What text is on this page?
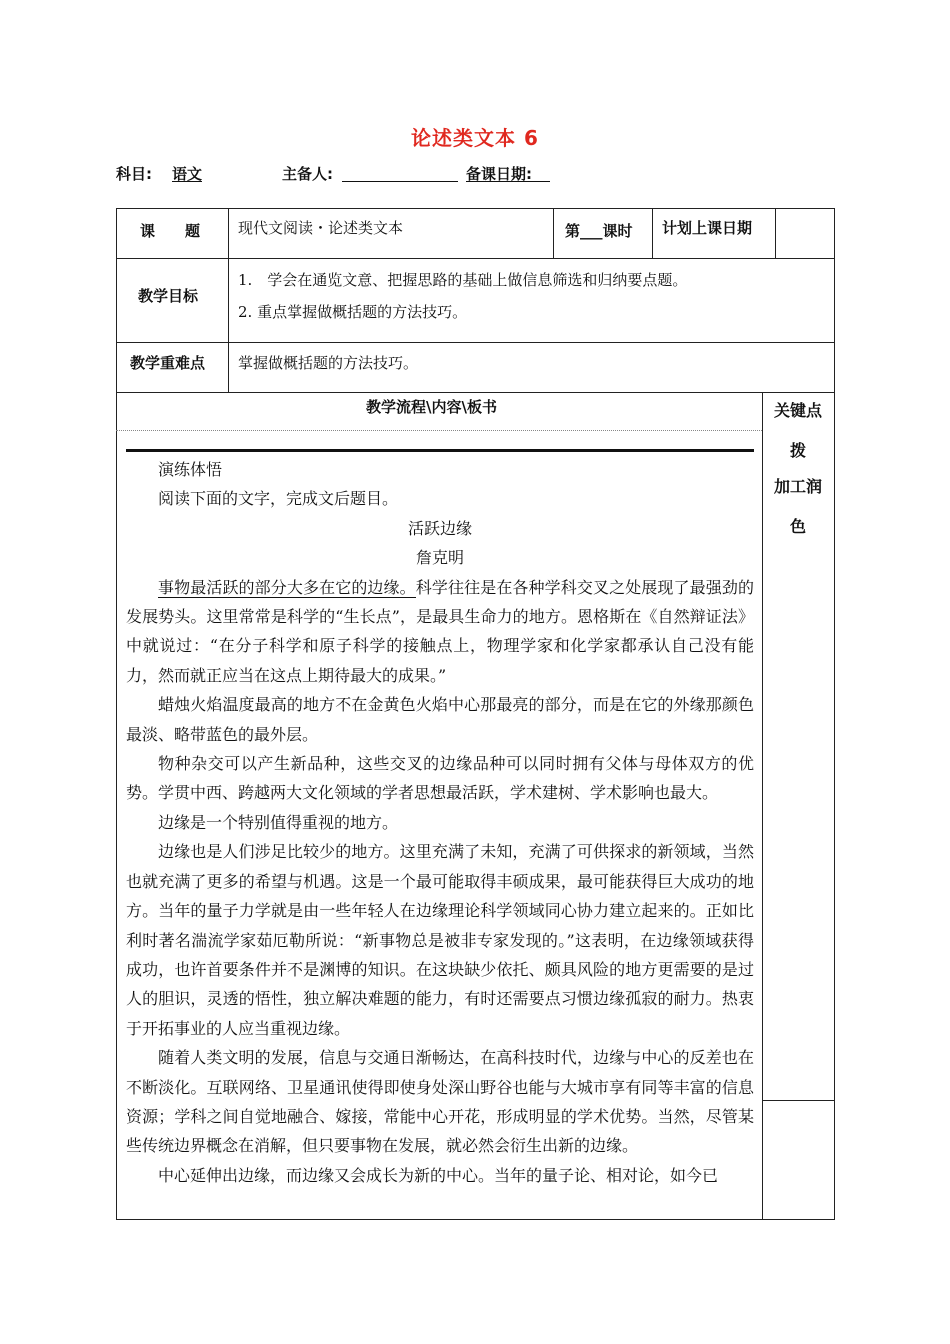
论述类文本 6
科目: 语文	主备人:	备课日期:
课　　题	现代文阅读・论述类文本	第___课时 计划上课日期
教学目标
1.　学会在通览文意、把握思路的基础上做信息筛选和归纳要点题。
2. 重点掌握做概括题的方法技巧。
教学重难点 掌握做概括题的方法技巧。
教学流程\内容\板书	关键点
拨
加工润
色

演练体悟

阅读下面的文字，完成文后题目。

活跃边缘

詹克明

事物最活跃的部分大多在它的边缘。科学往往是在各种学科交叉之处展现了最强劲的发展势头。这里常常是科学的“生长点”，是最具生命力的地方。恩格斯在《自然辩证法》中就说过：“在分子科学和原子科学的接触点上，物理学家和化学家都承认自己没有能力，然而就正应当在这点上期待最大的成果。”

蜡烛火焰温度最高的地方不在金黄色火焰中心那最亮的部分，而是在它的外缘那颜色最淡、略带蓝色的最外层。

物种杂交可以产生新品种，这些交叉的边缘品种可以同时拥有父体与母体双方的优势。学贯中西、跨越两大文化领域的学者思想最活跃，学术建树、学术影响也最大。

边缘是一个特别值得重视的地方。

边缘也是人们涉足比较少的地方。这里充满了未知，充满了可供探求的新领域，当然也就充满了更多的希望与机遇。这是一个最可能取得丰硕成果，最可能获得巨大成功的地方。当年的量子力学就是由一些年轻人在边缘理论科学领域同心协力建立起来的。正如比利时著名湍流学家茹厄勒所说：“新事物总是被非专家发现的。”这表明，在边缘领域获得成功，也许首要条件并不是渊博的知识。在这块缺少依托、颇具风险的地方更需要的是过人的胆识，灵透的悟性，独立解决难题的能力，有时还需要点习惯边缘孤寂的耐力。热衷于开拓事业的人应当重视边缘。

随着人类文明的发展，信息与交通日渐畅达，在高科技时代，边缘与中心的反差也在不断淡化。互联网络、卫星通讯使得即使身处深山野谷也能与大城市享有同等丰富的信息资源；学科之间自觉地融合、嫁接，常能中心开花，形成明显的学术优势。当然，尽管某些传统边界概念在消解，但只要事物在发展，就必然会衍生出新的边缘。

中心延伸出边缘，而边缘又会成长为新的中心。当年的量子论、相对论，如今已
